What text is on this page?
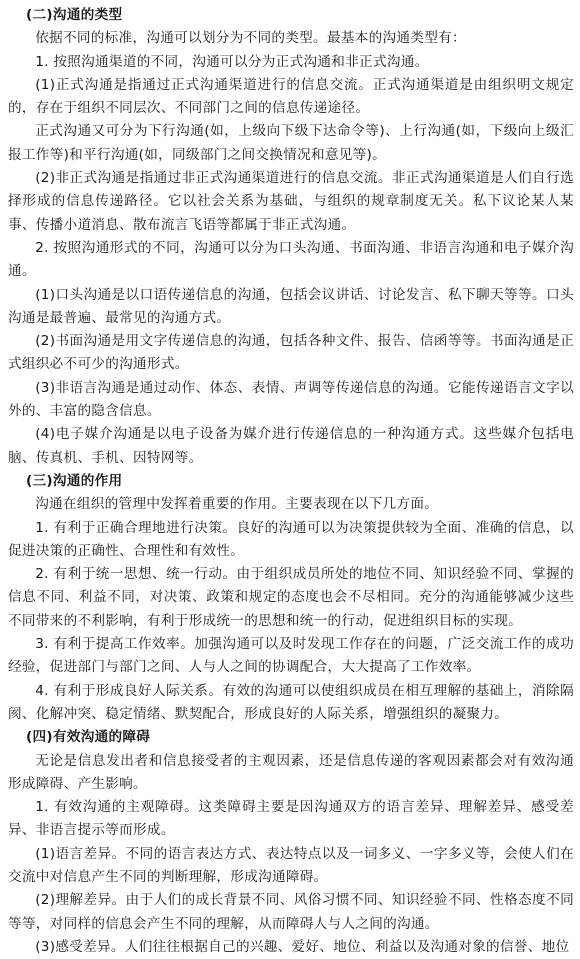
(二)沟通的类型

依据不同的标准，沟通可以划分为不同的类型。最基本的沟通类型有：

1. 按照沟通渠道的不同，沟通可以分为正式沟通和非正式沟通。

(1)正式沟通是指通过正式沟通渠道进行的信息交流。正式沟通渠道是由组织明文规定的，存在于组织不同层次、不同部门之间的信息传递途径。

正式沟通又可分为下行沟通(如，上级向下级下达命令等)、上行沟通(如，下级向上级汇报工作等)和平行沟通(如，同级部门之间交换情况和意见等)。

(2)非正式沟通是指通过非正式沟通渠道进行的信息交流。非正式沟通渠道是人们自行选择形成的信息传递路径。它以社会关系为基础，与组织的规章制度无关。私下议论某人某事、传播小道消息、散布流言飞语等都属于非正式沟通。

2. 按照沟通形式的不同，沟通可以分为口头沟通、书面沟通、非语言沟通和电子媒介沟通。

(1)口头沟通是以口语传递信息的沟通，包括会议讲话、讨论发言、私下聊天等等。口头沟通是最普遍、最常见的沟通方式。

(2)书面沟通是用文字传递信息的沟通，包括各种文件、报告、信函等等。书面沟通是正式组织必不可少的沟通形式。

(3)非语言沟通是通过动作、体态、表情、声调等传递信息的沟通。它能传递语言文字以外的、丰富的隐含信息。

(4)电子媒介沟通是以电子设备为媒介进行传递信息的一种沟通方式。这些媒介包括电脑、传真机、手机、因特网等。

(三)沟通的作用

沟通在组织的管理中发挥着重要的作用。主要表现在以下几方面。

1. 有利于正确合理地进行决策。良好的沟通可以为决策提供较为全面、准确的信息，以促进决策的正确性、合理性和有效性。

2. 有利于统一思想、统一行动。由于组织成员所处的地位不同、知识经验不同、掌握的信息不同、利益不同，对决策、政策和规定的态度也会不尽相同。充分的沟通能够减少这些不同带来的不利影响，有利于形成统一的思想和统一的行动，促进组织目标的实现。

3. 有利于提高工作效率。加强沟通可以及时发现工作存在的问题，广泛交流工作的成功经验，促进部门与部门之间、人与人之间的协调配合，大大提高了工作效率。

4. 有利于形成良好人际关系。有效的沟通可以使组织成员在相互理解的基础上，消除隔阂、化解冲突、稳定情绪、默契配合，形成良好的人际关系，增强组织的凝聚力。

(四)有效沟通的障碍

无论是信息发出者和信息接受者的主观因素，还是信息传递的客观因素都会对有效沟通形成障碍、产生影响。

1. 有效沟通的主观障碍。这类障碍主要是因沟通双方的语言差异、理解差异、感受差异、非语言提示等而形成。

(1)语言差异。不同的语言表达方式、表达特点以及一词多义、一字多义等，会使人们在交流中对信息产生不同的判断理解，形成沟通障碍。

(2)理解差异。由于人们的成长背景不同、风俗习惯不同、知识经验不同、性格态度不同等等，对同样的信息会产生不同的理解，从而障碍人与人之间的沟通。

(3)感受差异。人们往往根据自己的兴趣、爱好、地位、利益以及沟通对象的信誉、地位
